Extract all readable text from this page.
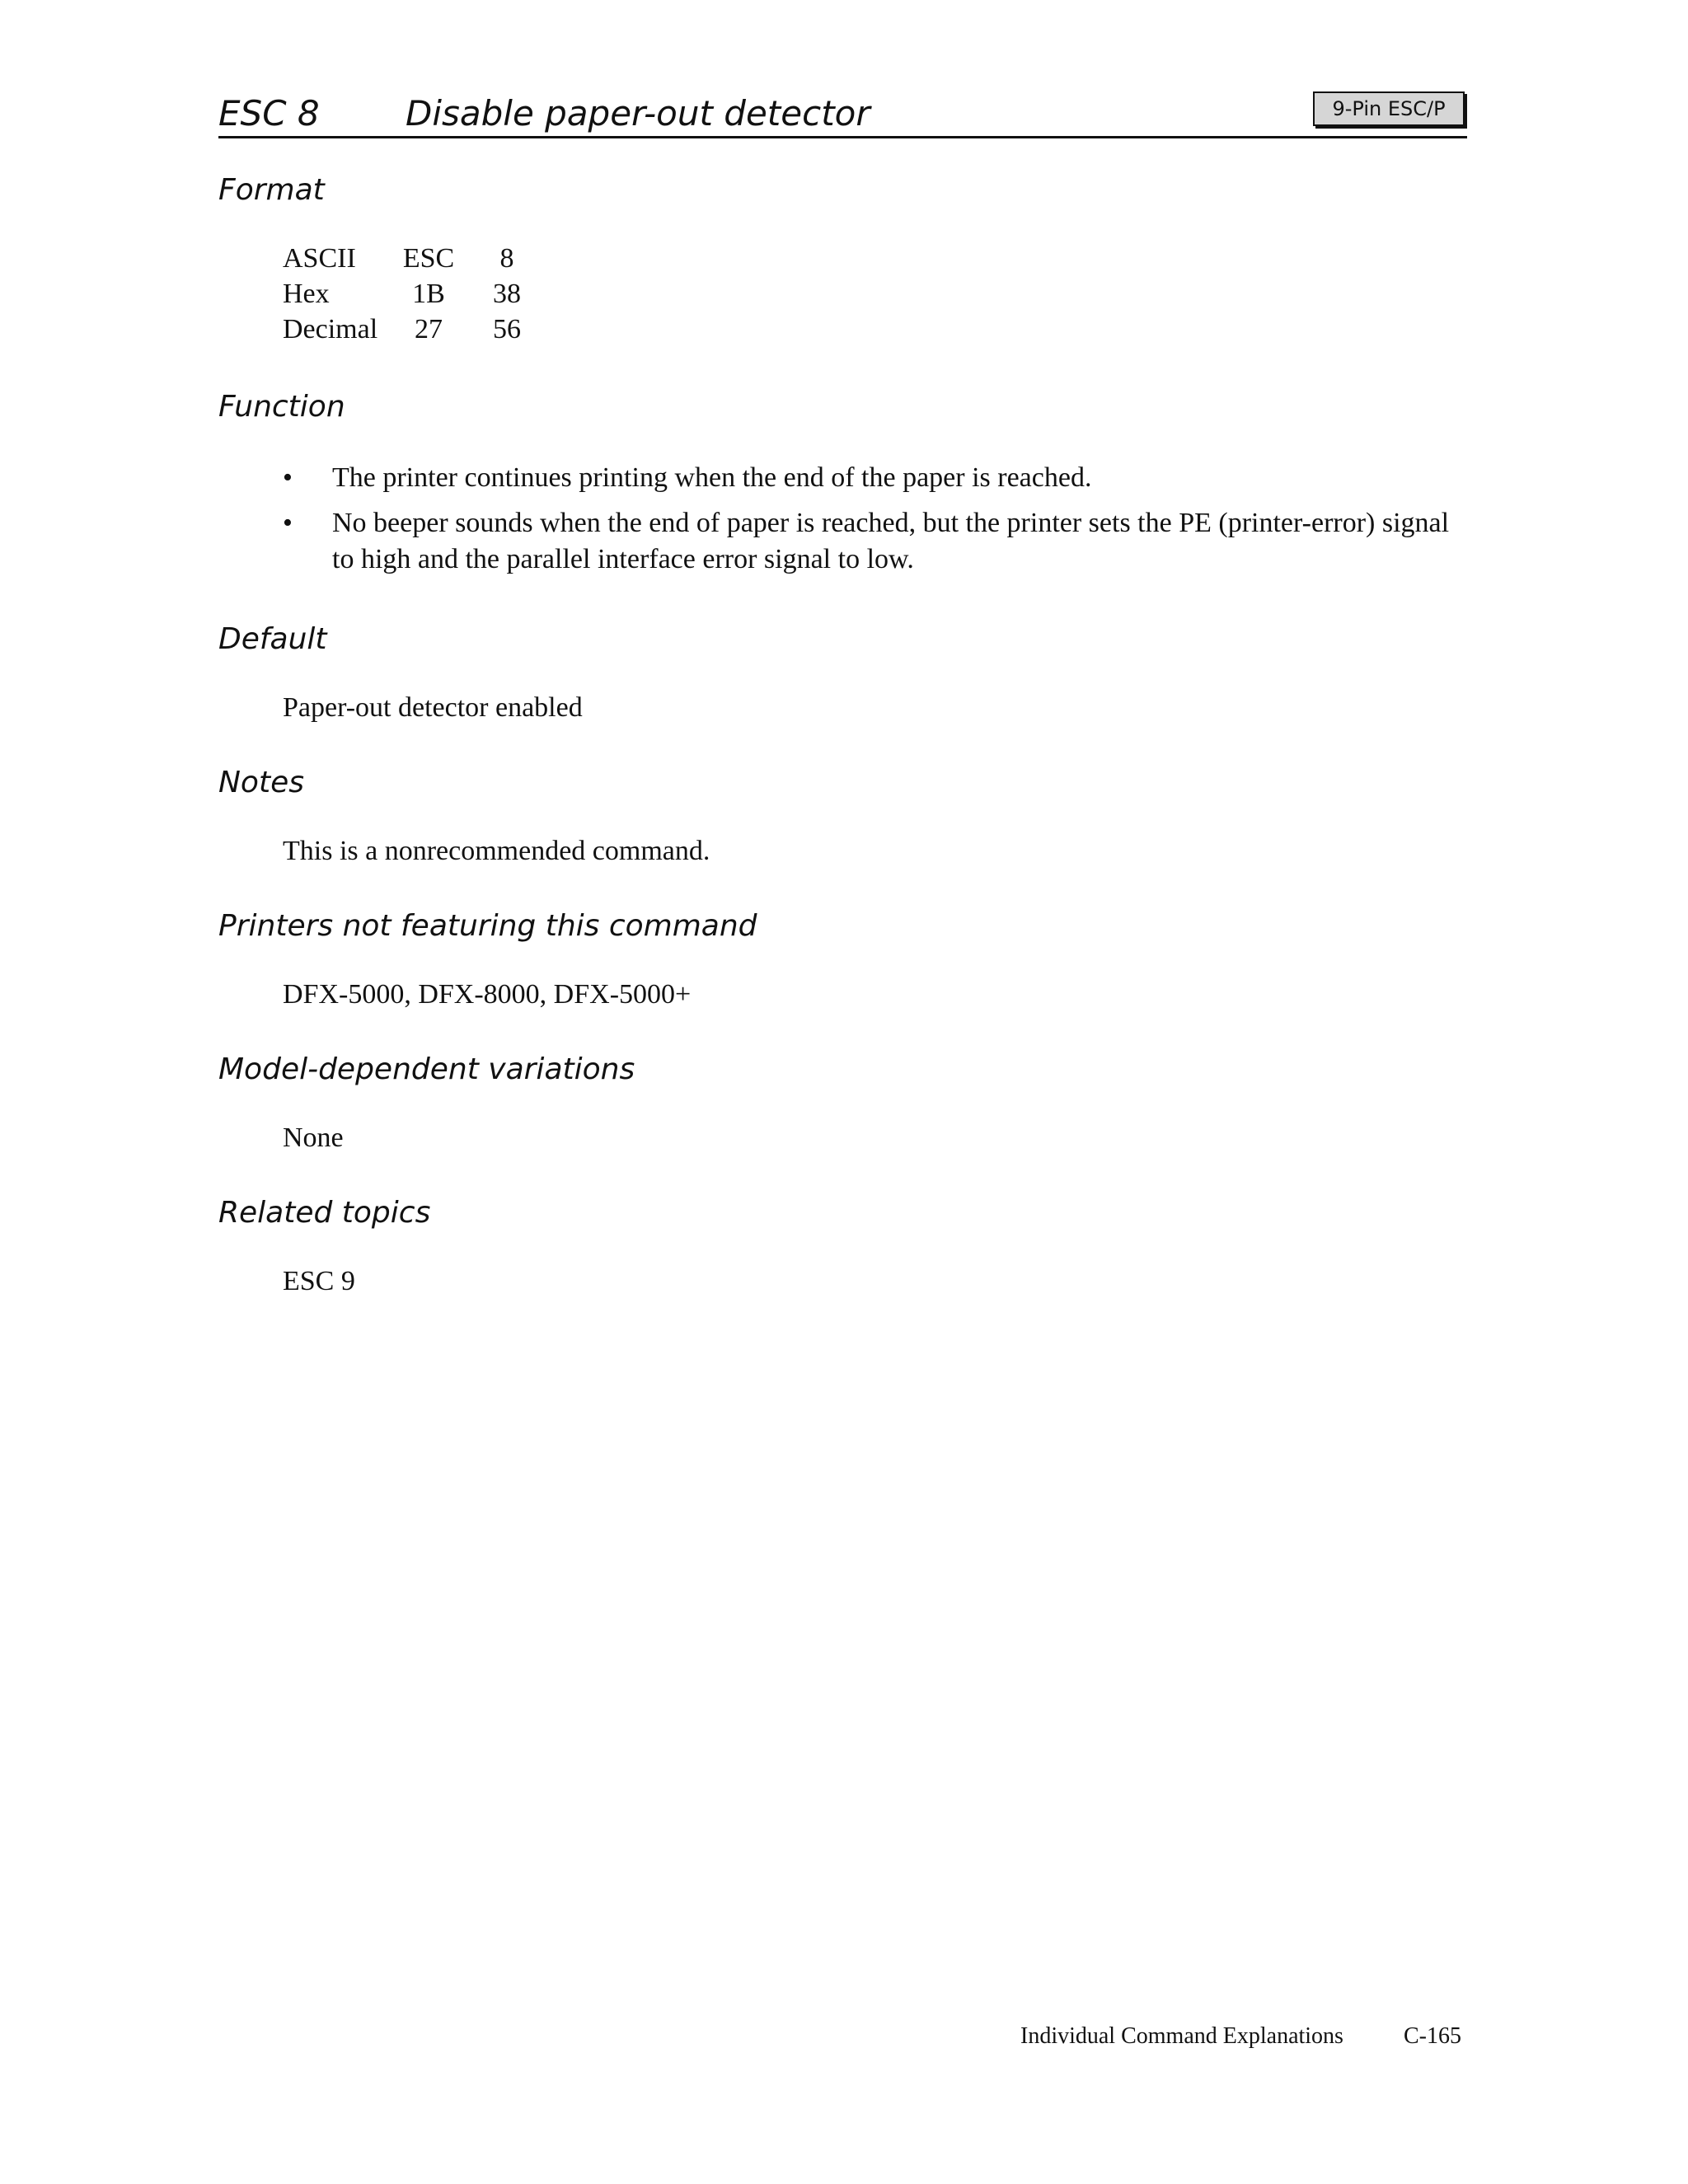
ESC 8 Disable paper-out detector	9-Pin ESC/P
Format
ASCII	ESC	8
Hex	1B	38
Decimal	27	56
Function
• The printer continues printing when the end of the paper is reached.
• No beeper sounds when the end of paper is reached, but the printer sets the PE (printer-error) signal to high and the parallel interface error signal to low.
Default
Paper-out detector enabled
Notes
This is a nonrecommended command.
Printers not featuring this command
DFX-5000, DFX-8000, DFX-5000+
Model-dependent variations
None
Related topics
ESC 9
Individual Command Explanations	C-165
